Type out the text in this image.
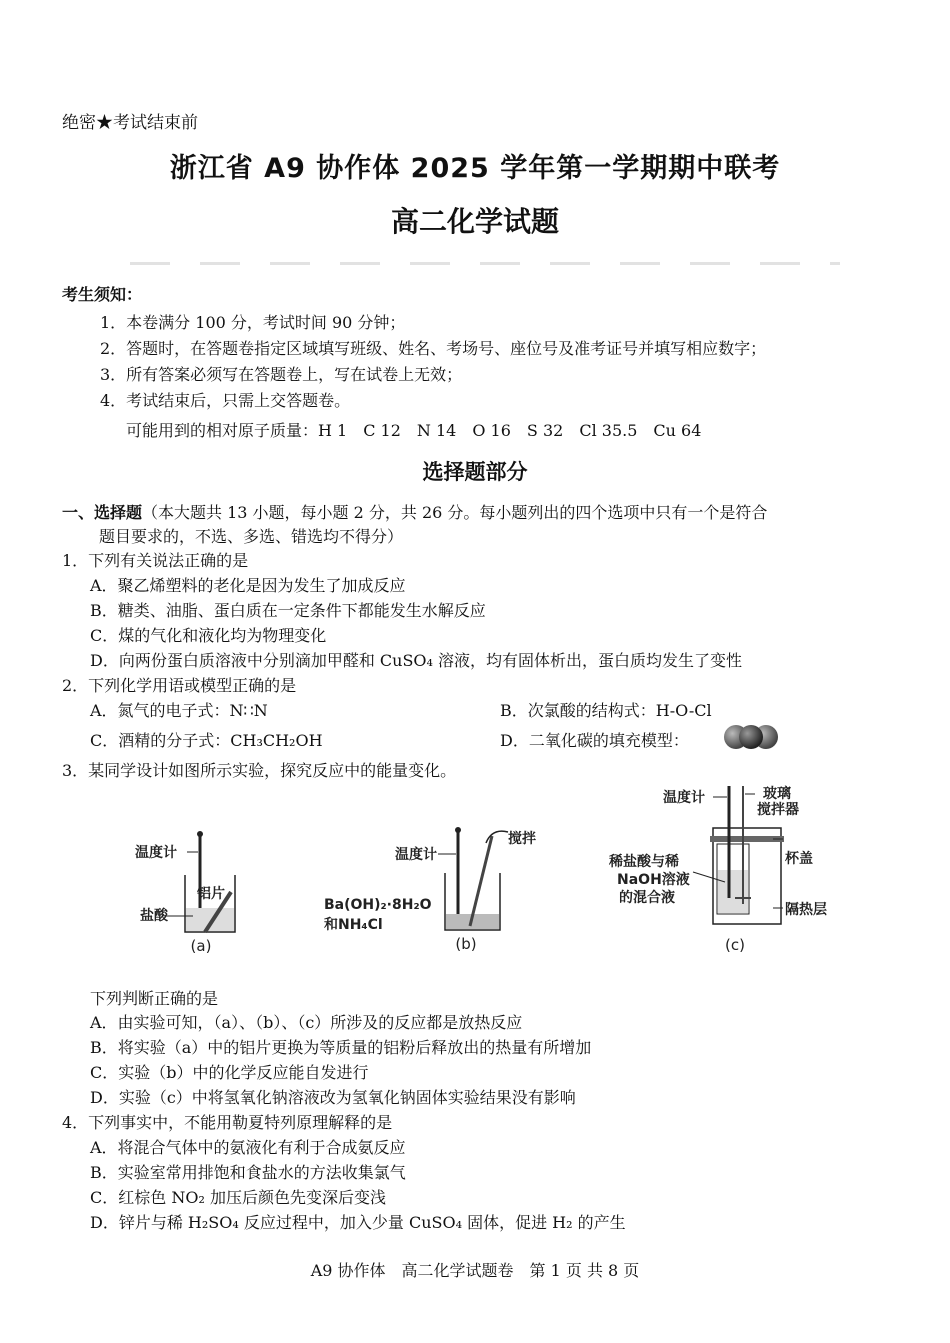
绝密★考试结束前
浙江省 A9 协作体 2025 学年第一学期期中联考
高二化学试题
考生须知：
1．本卷满分 100 分，考试时间 90 分钟；
2．答题时，在答题卷指定区域填写班级、姓名、考场号、座位号及准考证号并填写相应数字；
3．所有答案必须写在答题卷上，写在试卷上无效；
4．考试结束后，只需上交答题卷。
可能用到的相对原子质量：H 1　C 12　N 14　O 16　S 32　Cl 35.5　Cu 64
选择题部分
一、选择题（本大题共 13 小题，每小题 2 分，共 26 分。每小题列出的四个选项中只有一个是符合
题目要求的，不选、多选、错选均不得分）
1．下列有关说法正确的是
A．聚乙烯塑料的老化是因为发生了加成反应
B．糖类、油脂、蛋白质在一定条件下都能发生水解反应
C．煤的气化和液化均为物理变化
D．向两份蛋白质溶液中分别滴加甲醛和 CuSO₄ 溶液，均有固体析出，蛋白质均发生了变性
2．下列化学用语或模型正确的是
A．氮气的电子式：N∷N	B．次氯酸的结构式：H-O-Cl
C．酒精的分子式：CH₃CH₂OH	D．二氧化碳的填充模型：
3．某同学设计如图所示实验，探究反应中的能量变化。
温度计
铝片
盐酸
(a)
温度计
搅拌
Ba(OH)₂·8H₂O
和NH₄Cl
(b)
温度计	玻璃
搅拌器
稀盐酸与稀
NaOH溶液
的混合液
杯盖
隔热层
(c)
下列判断正确的是
A．由实验可知，（a）、（b）、（c）所涉及的反应都是放热反应
B．将实验（a）中的铝片更换为等质量的铝粉后释放出的热量有所增加
C．实验（b）中的化学反应能自发进行
D．实验（c）中将氢氧化钠溶液改为氢氧化钠固体实验结果没有影响
4．下列事实中，不能用勒夏特列原理解释的是
A．将混合气体中的氨液化有利于合成氨反应
B．实验室常用排饱和食盐水的方法收集氯气
C．红棕色 NO₂ 加压后颜色先变深后变浅
D．锌片与稀 H₂SO₄ 反应过程中，加入少量 CuSO₄ 固体，促进 H₂ 的产生
A9 协作体　高二化学试题卷　第 1 页 共 8 页
